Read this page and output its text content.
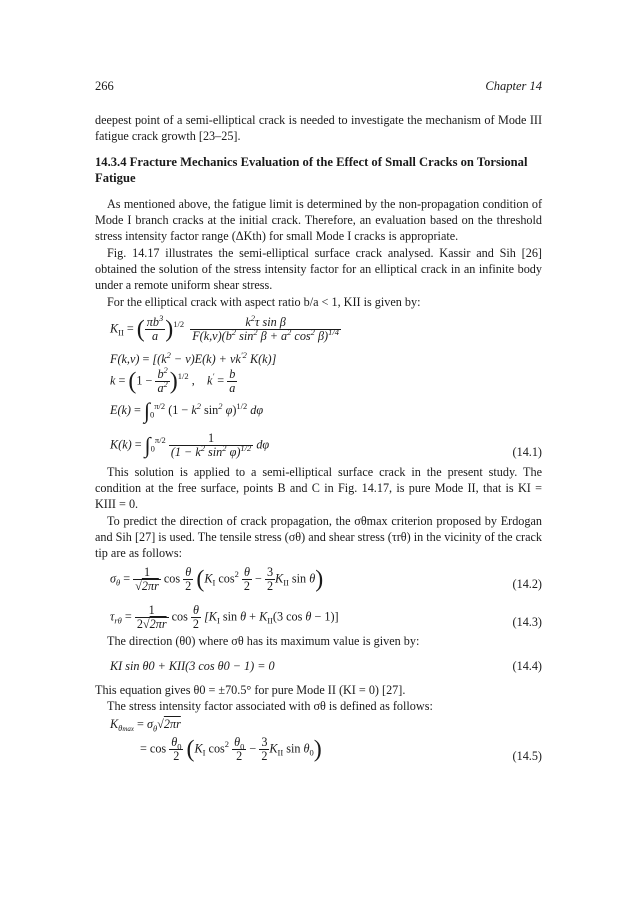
266	Chapter 14
deepest point of a semi-elliptical crack is needed to investigate the mechanism of Mode III fatigue crack growth [23–25].
14.3.4 Fracture Mechanics Evaluation of the Effect of Small Cracks on Torsional Fatigue
As mentioned above, the fatigue limit is determined by the non-propagation condition of Mode I branch cracks at the initial crack. Therefore, an evaluation based on the threshold stress intensity factor range (ΔKth) for small Mode I cracks is appropriate.
Fig. 14.17 illustrates the semi-elliptical surface crack analysed. Kassir and Sih [26] obtained the solution of the stress intensity factor for an elliptical crack in an infinite body under a remote uniform shear stress.
For the elliptical crack with aspect ratio b/a < 1, KII is given by:
$K_{II}$ = ( $\frac{\pi b^3}{a} )^{1/2} \frac{k^2\tau \sin \beta}{F(k,\nu)(b^2 \sin^2 \beta + a^2 \cos^2 \beta)^{1/4}}$
$F(k,\nu) = [(k^2 - \nu)E(k) + \nu k^{'2}$ K(k)]
$k = (1 - \frac{b^2}{a^2} )^{1/2}$ ,    $k' = \frac{b}{a}$
$E(k) = \int_0^{\pi/2}$ ($1 - k^2$ $\sin^2 \varphi)^{1/2}$ dφ
$K(k) = \int_0^{\pi/2} \frac{1}{(1 - k^2 \sin^2 \varphi)^{1/2}}$ dφ
(14.1)
This solution is applied to a semi-elliptical surface crack in the present study. The condition at the free surface, points B and C in Fig. 14.17, is pure Mode II, that is KI = KIII = 0.
To predict the direction of crack propagation, the σθmax criterion proposed by Erdogan and Sih [27] is used. The tensile stress (σθ) and shear stress (τrθ) in the vicinity of the crack tip are as follows:
$\sigma_\theta = \frac{1}{√2\pi r}$ $\cos \frac{\theta}{2} (K_I$ $\cos^2 \frac{\theta}{2} - \frac{3}{2} K_{II}$ sin θ)	(14.2)
$\tau_{r\theta} = \frac{1}{2√2\pi r}$ $\cos \frac{\theta}{2} [K_I$ $\sin \theta + K_{II}(3$ cos θ − 1)]	(14.3)
The direction (θ0) where σθ has its maximum value is given by:
KI sin θ0 + KII(3 cos θ0 − 1) = 0	(14.4)
This equation gives θ0 = ±70.5° for pure Mode II (KI = 0) [27].
The stress intensity factor associated with σθ is defined as follows:
$K_{\theta max} = \sigma_\theta√2\pi r$
= $\cos \frac{\theta_0}{2} (K_I$ $\cos^2 \frac{\theta_0}{2} - \frac{3}{2} K_{II}$ $\sin \theta_0$)	(14.5)
